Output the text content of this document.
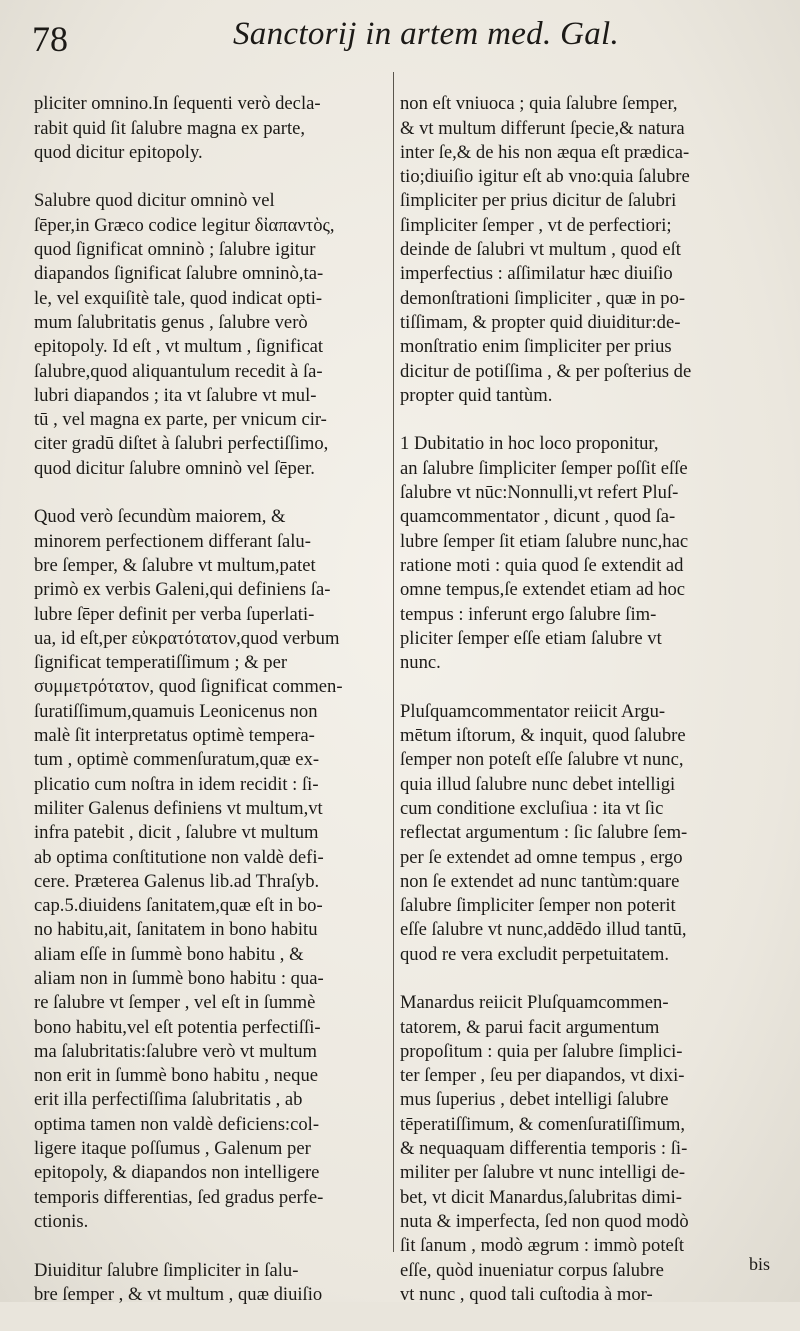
78	Sanctorij in artem med. Gal.

pliciter omnino.In ſequenti verò decla-
rabit quid ſit ſalubre magna ex parte,
quod dicitur epitopoly.

Salubre quod dicitur omninò vel
ſēper,in Græco codice legitur δἰαπαντὸς,
quod ſignificat omninò ; ſalubre igitur
diapandos ſignificat ſalubre omninò,ta-
le, vel exquiſitè tale, quod indicat opti-
mum ſalubritatis genus , ſalubre verò
epitopoly. Id eſt , vt multum , ſignificat
ſalubre,quod aliquantulum recedit à ſa-
lubri diapandos ; ita vt ſalubre vt mul-
tū , vel magna ex parte, per vnicum cir-
citer gradū diſtet à ſalubri perfectiſſimo,
quod dicitur ſalubre omninò vel ſēper.

Quod verò ſecundùm maiorem, &
minorem perfectionem differant ſalu-
bre ſemper, & ſalubre vt multum,patet
primò ex verbis Galeni,qui definiens ſa-
lubre ſēper definit per verba ſuperlati-
ua, id eſt,per εὐκρατότατον,quod verbum
ſignificat temperatiſſimum ; & per
συμμετρότατον, quod ſignificat commen-
ſuratiſſimum,quamuis Leonicenus non
malè ſit interpretatus optimè tempera-
tum , optimè commenſuratum,quæ ex-
plicatio cum noſtra in idem recidit : ſi-
militer Galenus definiens vt multum,vt
infra patebit , dicit , ſalubre vt multum
ab optima conſtitutione non valdè defi-
cere. Præterea Galenus lib.ad Thraſyb.
cap.5.diuidens ſanitatem,quæ eſt in bo-
no habitu,ait, ſanitatem in bono habitu
aliam eſſe in ſummè bono habitu , &
aliam non in ſummè bono habitu : qua-
re ſalubre vt ſemper , vel eſt in ſummè
bono habitu,vel eſt potentia perfectiſſi-
ma ſalubritatis:ſalubre verò vt multum
non erit in ſummè bono habitu , neque
erit illa perfectiſſima ſalubritatis , ab
optima tamen non valdè deficiens:col-
ligere itaque poſſumus , Galenum per
epitopoly, & diapandos non intelligere
temporis differentias, ſed gradus perfe-
ctionis.

Diuiditur ſalubre ſimpliciter in ſalu-
bre ſemper , & vt multum , quæ diuiſio

non eſt vniuoca ; quia ſalubre ſemper,
& vt multum differunt ſpecie,& natura
inter ſe,& de his non æqua eſt prædica-
tio;diuiſio igitur eſt ab vno:quia ſalubre
ſimpliciter per prius dicitur de ſalubri
ſimpliciter ſemper , vt de perfectiori;
deinde de ſalubri vt multum , quod eſt
imperfectius : aſſimilatur hæc diuiſio
demonſtrationi ſimpliciter , quæ in po-
tiſſimam, & propter quid diuiditur:de-
monſtratio enim ſimpliciter per prius
dicitur de potiſſima , & per poſterius de
propter quid tantùm.

1 Dubitatio in hoc loco proponitur,
an ſalubre ſimpliciter ſemper poſſit eſſe
ſalubre vt nūc:Nonnulli,vt refert Pluſ-
quamcommentator , dicunt , quod ſa-
lubre ſemper ſit etiam ſalubre nunc,hac
ratione moti : quia quod ſe extendit ad
omne tempus,ſe extendet etiam ad hoc
tempus : inferunt ergo ſalubre ſim-
pliciter ſemper eſſe etiam ſalubre vt
nunc.

Pluſquamcommentator reiicit Argu-
mētum iſtorum, & inquit, quod ſalubre
ſemper non poteſt eſſe ſalubre vt nunc,
quia illud ſalubre nunc debet intelligi
cum conditione excluſiua : ita vt ſic
reflectat argumentum : ſic ſalubre ſem-
per ſe extendet ad omne tempus , ergo
non ſe extendet ad nunc tantùm:quare
ſalubre ſimpliciter ſemper non poterit
eſſe ſalubre vt nunc,addēdo illud tantū,
quod re vera excludit perpetuitatem.

Manardus reiicit Pluſquamcommen-
tatorem, & parui facit argumentum
propoſitum : quia per ſalubre ſimplici-
ter ſemper , ſeu per diapandos, vt dixi-
mus ſuperius , debet intelligi ſalubre
tēperatiſſimum, & comenſuratiſſimum,
& nequaquam differentia temporis : ſi-
militer per ſalubre vt nunc intelligi de-
bet, vt dicit Manardus,ſalubritas dimi-
nuta & imperfecta, ſed non quod modò
ſit ſanum , modò ægrum : immò poteſt
eſſe, quòd inueniatur corpus ſalubre
vt nunc , quod tali cuſtodia à mor-

bis
